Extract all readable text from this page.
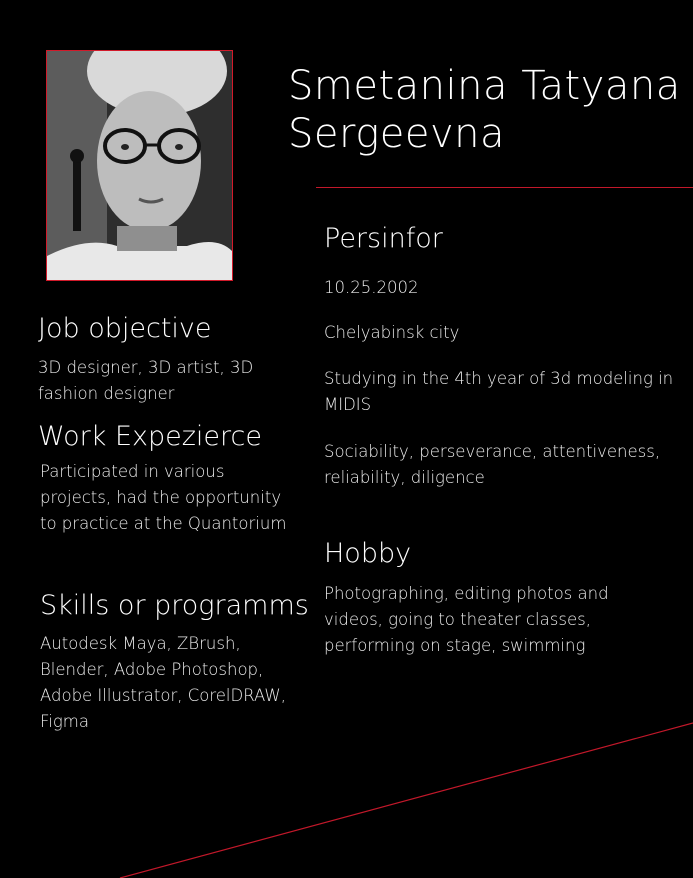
Smetanina Tatyana
Sergeevna
Job objective
3D designer, 3D artist, 3D fashion designer
Work Expezierce
Participated in various projects, had the opportunity to practice at the Quantorium
Skills or programms
Autodesk Maya, ZBrush, Blender, Adobe Photoshop, Adobe Illustrator, CorelDRAW, Figma
Persinfor
10.25.2002
Chelyabinsk city
Studying in the 4th year of 3d modeling in MIDIS
Sociability, perseverance, attentiveness, reliability, diligence
Hobby
Photographing, editing photos and videos, going to theater classes, performing on stage, swimming
